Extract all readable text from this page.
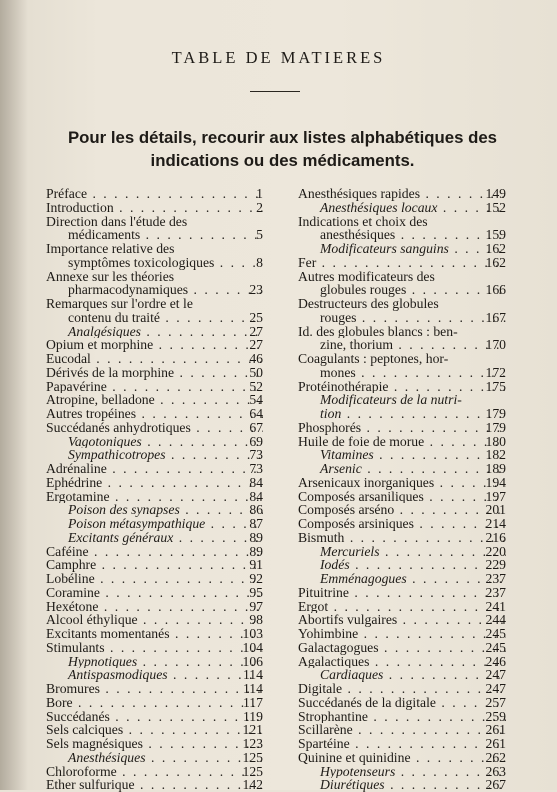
TABLE DE MATIERES

Pour les détails, recourir aux listes alphabétiques des indications ou des médicaments.

Préface . . .	1
Introduction . . .	2
Direction dans l'étude des
médicaments . . .	5
Importance relative des
symptômes toxicologiques . . .	8
Annexe sur les théories
pharmacodynamiques . . .	23
Remarques sur l'ordre et le
contenu du traité . . .	25
Analgésiques . . .	27
Opium et morphine . . .	27
Eucodal . . .	46
Dérivés de la morphine . . .	50
Papavérine . . .	52
Atropine, belladone . . .	54
Autres tropéines . . .	64
Succédanés anhydrotiques . . .	67
Vagotoniques . . .	69
Sympathicotropes . . .	73
Adrénaline . . .	73
Ephédrine . . .	84
Ergotamine . . .	84
Poison des synapses . . .	86
Poison métasympathique . . .	87
Excitants généraux . . .	89
Caféine . . .	89
Camphre . . .	91
Lobéline . . .	92
Coramine . . .	95
Hexétone . . .	97
Alcool éthylique . . .	98
Excitants momentanés . . .	103
Stimulants . . .	104
Hypnotiques . . .	106
Antispasmodiques . . .	114
Bromures . . .	114
Bore . . .	117
Succédanés . . .	119
Sels calciques . . .	121
Sels magnésiques . . .	123
Anesthésiques . . .	125
Chloroforme . . .	125
Ether sulfurique . . .	142
Anesthésiques rapides . . .	149
Anesthésiques locaux . . .	152
Indications et choix des
anesthésiques . . .	159
Modificateurs sanguins . . .	162
Fer . . .	162
Autres modificateurs des
globules rouges . . .	166
Destructeurs des globules
rouges . . .	167
Id. des globules blancs : ben-
zine, thorium . . .	170
Coagulants : peptones, hor-
mones . . .	172
Protéinothérapie . . .	175
Modificateurs de la nutri-
tion . . .	179
Phosphorés . . .	179
Huile de foie de morue . . .	180
Vitamines . . .	182
Arsenic . . .	189
Arsenicaux inorganiques . . .	194
Composés arsaniliques . . .	197
Composés arséno . . .	201
Composés arsiniques . . .	214
Bismuth . . .	216
Mercuriels . . .	220
Iodés . . .	229
Emménagogues . . .	237
Pituitrine . . .	237
Ergot . . .	241
Abortifs vulgaires . . .	244
Yohimbine . . .	245
Galactagogues . . .	245
Agalactiques . . .	246
Cardiaques . . .	247
Digitale . . .	247
Succédanés de la digitale . . .	257
Strophantine . . .	259
Scillarène . . .	261
Spartéine . . .	261
Quinine et quinidine . . .	262
Hypotenseurs . . .	263
Diurétiques . . .	267
